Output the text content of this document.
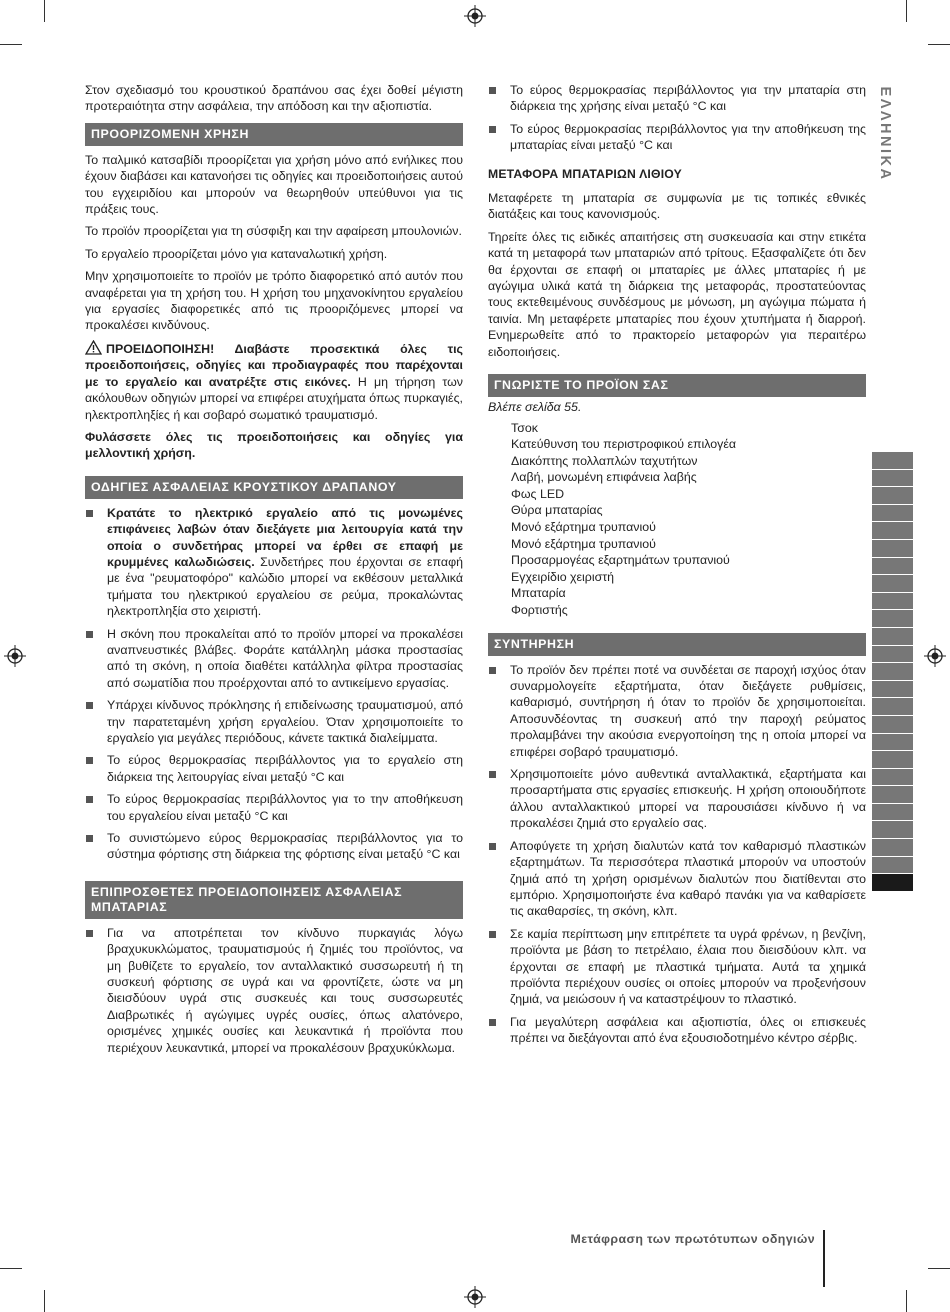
ΕΛΛΗΝΙΚΑ

Στον σχεδιασμό του κρουστικού δραπάνου σας έχει δοθεί μέγιστη προτεραιότητα στην ασφάλεια, την απόδοση και την αξιοπιστία.

ΠΡΟΟΡΙΖΟΜΕΝΗ ΧΡΗΣΗ

Το παλμικό κατσαβίδι προορίζεται για χρήση μόνο από ενήλικες που έχουν διαβάσει και κατανοήσει τις οδηγίες και προειδοποιήσεις αυτού του εγχειριδίου και μπορούν να θεωρηθούν υπεύθυνοι για τις πράξεις τους.

Το προϊόν προορίζεται για τη σύσφιξη και την αφαίρεση μπουλονιών.

Το εργαλείο προορίζεται μόνο για καταναλωτική χρήση.

Μην χρησιμοποιείτε το προϊόν με τρόπο διαφορετικό από αυτόν που αναφέρεται για τη χρήση του. Η χρήση του μηχανοκίνητου εργαλείου για εργασίες διαφορετικές από τις προοριζόμενες μπορεί να προκαλέσει κινδύνους.

ΠΡΟΕΙΔΟΠΟΙΗΣΗ! Διαβάστε προσεκτικά όλες τις προειδοποιήσεις, οδηγίες και προδιαγραφές που παρέχονται με το εργαλείο και ανατρέξτε στις εικόνες. Η μη τήρηση των ακόλουθων οδηγιών μπορεί να επιφέρει ατυχήματα όπως πυρκαγιές, ηλεκτροπληξίες ή και σοβαρό σωματικό τραυματισμό.

Φυλάσσετε όλες τις προειδοποιήσεις και οδηγίες για μελλοντική χρήση.

ΟΔΗΓΙΕΣ ΑΣΦΑΛΕΙΑΣ ΚΡΟΥΣΤΙΚΟΥ ΔΡΑΠΑΝΟΥ
Κρατάτε το ηλεκτρικό εργαλείο από τις μονωμένες επιφάνειες λαβών όταν διεξάγετε μια λειτουργία κατά την οποία ο συνδετήρας μπορεί να έρθει σε επαφή με κρυμμένες καλωδιώσεις. Συνδετήρες που έρχονται σε επαφή με ένα "ρευματοφόρο" καλώδιο μπορεί να εκθέσουν μεταλλικά τμήματα του ηλεκτρικού εργαλείου σε ρεύμα, προκαλώντας ηλεκτροπληξία στο χειριστή.
Η σκόνη που προκαλείται από το προϊόν μπορεί να προκαλέσει αναπνευστικές βλάβες. Φοράτε κατάλληλη μάσκα προστασίας από τη σκόνη, η οποία διαθέτει κατάλληλα φίλτρα προστασίας από σωματίδια που προέρχονται από το αντικείμενο εργασίας.
Υπάρχει κίνδυνος πρόκλησης ή επιδείνωσης τραυματισμού, από την παρατεταμένη χρήση εργαλείου. Όταν χρησιμοποιείτε το εργαλείο για μεγάλες περιόδους, κάνετε τακτικά διαλείμματα.
Το εύρος θερμοκρασίας περιβάλλοντος για το εργαλείο στη διάρκεια της λειτουργίας είναι μεταξύ °C και
Το εύρος θερμοκρασίας περιβάλλοντος για το την αποθήκευση του εργαλείου είναι μεταξύ °C και
Το συνιστώμενο εύρος θερμοκρασίας περιβάλλοντος για το σύστημα φόρτισης στη διάρκεια της φόρτισης είναι μεταξύ °C και
ΕΠΙΠΡΟΣΘΕΤΕΣ ΠΡΟΕΙΔΟΠΟΙΗΣΕΙΣ ΑΣΦΑΛΕΙΑΣ ΜΠΑΤΑΡΙΑΣ
Για να αποτρέπεται τον κίνδυνο πυρκαγιάς λόγω βραχυκυκλώματος, τραυματισμούς ή ζημιές του προϊόντος, να μη βυθίζετε το εργαλείο, τον ανταλλακτικό συσσωρευτή ή τη συσκευή φόρτισης σε υγρά και να φροντίζετε, ώστε να μη διεισδύουν υγρά στις συσκευές και τους συσσωρευτές Διαβρωτικές ή αγώγιμες υγρές ουσίες, όπως αλατόνερο, ορισμένες χημικές ουσίες και λευκαντικά ή προϊόντα που περιέχουν λευκαντικά, μπορεί να προκαλέσουν βραχυκύκλωμα.
Το εύρος θερμοκρασίας περιβάλλοντος για την μπαταρία στη διάρκεια της χρήσης είναι μεταξύ °C και
Το εύρος θερμοκρασίας περιβάλλοντος για την αποθήκευση της μπαταρίας είναι μεταξύ °C και
ΜΕΤΑΦΟΡΑ ΜΠΑΤΑΡΙΩΝ ΛΙΘΙΟΥ

Μεταφέρετε τη μπαταρία σε συμφωνία με τις τοπικές εθνικές διατάξεις και τους κανονισμούς.

Τηρείτε όλες τις ειδικές απαιτήσεις στη συσκευασία και στην ετικέτα κατά τη μεταφορά των μπαταριών από τρίτους. Εξασφαλίζετε ότι δεν θα έρχονται σε επαφή οι μπαταρίες με άλλες μπαταρίες ή με αγώγιμα υλικά κατά τη διάρκεια της μεταφοράς, προστατεύοντας τους εκτεθειμένους συνδέσμους με μόνωση, μη αγώγιμα πώματα ή ταινία. Μη μεταφέρετε μπαταρίες που έχουν χτυπήματα ή διαρροή. Ενημερωθείτε από το πρακτορείο μεταφορών για περαιτέρω ειδοποιήσεις.

ΓΝΩΡΙΣΤΕ ΤΟ ΠΡΟΪΟΝ ΣΑΣ
Βλέπε σελίδα 55.
Τσοκ
Κατεύθυνση του περιστροφικού επιλογέα
Διακόπτης πολλαπλών ταχυτήτων
Λαβή, μονωμένη επιφάνεια λαβής
Φως LED
Θύρα μπαταρίας
Μονό εξάρτημα τρυπανιού
Μονό εξάρτημα τρυπανιού
Προσαρμογέας εξαρτημάτων τρυπανιού
Εγχειρίδιο χειριστή
Μπαταρία
Φορτιστής
ΣΥΝΤΗΡΗΣΗ
Το προϊόν δεν πρέπει ποτέ να συνδέεται σε παροχή ισχύος όταν συναρμολογείτε εξαρτήματα, όταν διεξάγετε ρυθμίσεις, καθαρισμό, συντήρηση ή όταν το προϊόν δε χρησιμοποιείται. Αποσυνδέοντας τη συσκευή από την παροχή ρεύματος προλαμβάνει την ακούσια ενεργοποίηση της η οποία μπορεί να επιφέρει σοβαρό τραυματισμό.
Χρησιμοποιείτε μόνο αυθεντικά ανταλλακτικά, εξαρτήματα και προσαρτήματα στις εργασίες επισκευής. Η χρήση οποιουδήποτε άλλου ανταλλακτικού μπορεί να παρουσιάσει κίνδυνο ή να προκαλέσει ζημιά στο εργαλείο σας.
Αποφύγετε τη χρήση διαλυτών κατά τον καθαρισμό πλαστικών εξαρτημάτων. Τα περισσότερα πλαστικά μπορούν να υποστούν ζημιά από τη χρήση ορισμένων διαλυτών που διατίθενται στο εμπόριο. Χρησιμοποιήστε ένα καθαρό πανάκι για να καθαρίσετε τις ακαθαρσίες, τη σκόνη, κλπ.
Σε καμία περίπτωση μην επιτρέπετε τα υγρά φρένων, η βενζίνη, προϊόντα με βάση το πετρέλαιο, έλαια που διεισδύουν κλπ. να έρχονται σε επαφή με πλαστικά τμήματα. Αυτά τα χημικά προϊόντα περιέχουν ουσίες οι οποίες μπορούν να προξενήσουν ζημιά, να μειώσουν ή να καταστρέψουν το πλαστικό.
Για μεγαλύτερη ασφάλεια και αξιοπιστία, όλες οι επισκευές πρέπει να διεξάγονται από ένα εξουσιοδοτημένο κέντρο σέρβις.
Μετάφραση των πρωτότυπων οδηγιών
